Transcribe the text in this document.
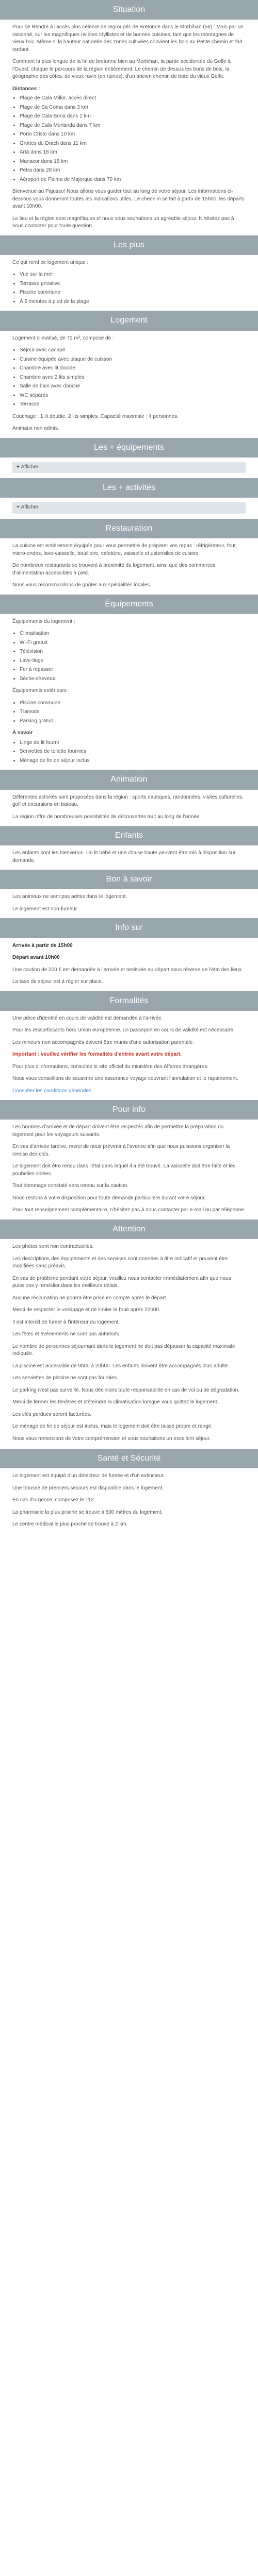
Situation

Pour se Rendre à l'accès plus célèbre de regroupés de Bretonne dans le Morbihan (56) : Mais par un raisonné, sur les magnifiques rivières Idyllistes et de bonnes cuisines, tant que les montagnes de vieux bric. Même si la hauteur naturelle des zones cultivées convient les bois au Petite chemin et fait tardant.

Comment la plus longue de la fin de bretonne bien au Morbihan, la partie accidentée du Golfe à l'Ouest; chaque le parcours de la région entièrement. Le chemin de dessus les bons de bois, la géographie des côtes, de vieux ravin (en ruines), d'un ancien chemin de bord du vieux Golfe.

Distances :
• Plage de Cala Millor, accès direct
• Plage de Sa Coma dans 3 km
• Plage de Cala Bona dans 2 km
• Plage de Cala Morlanda dans 7 km
• Porto Cristo dans 10 km
• Grottes du Drach dans 11 km
• Artà dans 18 km
• Manacor dans 18 km
• Petra dans 28 km
• Aéroport de Palma de Majorque dans 70 km

Bienvenue au Pajusso! Nous allons vous guider tout au long de votre séjour. Les informations ci-dessous vous donneront toutes les indications utiles. Le check-in se fait à partir de 15h00, les départs avant 10h00.

Le lieu et la région sont magnifiques et nous vous souhaitons un agréable séjour. N'hésitez pas à nous contacter pour toute question.

Les plus

Ce qui rend ce logement unique :

• Vue sur la mer
• Terrasse privative
• Piscine commune
• À 5 minutes à pied de la plage
Logement

Logement climatisé, de 72 m², composé de :

• Séjour avec canapé
• Cuisine équipée avec plaque de cuisson
• Chambre avec lit double
• Chambre avec 2 lits simples
• Salle de bain avec douche
• WC séparés
• Terrasse

Couchage : 1 lit double, 2 lits simples. Capacité maximale : 4 personnes.

Animaux non admis.

Les + équipements
+ Afficher
Les + activités
+ Afficher
Restauration

La cuisine est entièrement équipée pour vous permettre de préparer vos repas : réfrigérateur, four, micro-ondes, lave-vaisselle, bouilloire, cafetière, vaisselle et ustensiles de cuisine.

De nombreux restaurants se trouvent à proximité du logement, ainsi que des commerces d'alimentation accessibles à pied.

Nous vous recommandons de goûter aux spécialités locales.

Équipements

Équipements du logement :

• Climatisation
• Wi-Fi gratuit
• Télévision
• Lave-linge
• Fer à repasser
• Sèche-cheveux

Équipements extérieurs :

• Piscine commune
• Transats
• Parking gratuit
À savoir
• Linge de lit fourni
• Serviettes de toilette fournies
• Ménage de fin de séjour inclus
Animation

Différentes activités sont proposées dans la région : sports nautiques, randonnées, visites culturelles, golf et excursions en bateau.

La région offre de nombreuses possibilités de découvertes tout au long de l'année.

Enfants

Les enfants sont les bienvenus. Un lit bébé et une chaise haute peuvent être mis à disposition sur demande.

Bon à savoir

Les animaux ne sont pas admis dans le logement.

Le logement est non-fumeur.

Info sur

Arrivée à partir de 15h00

Départ avant 10h00

Une caution de 200 € est demandée à l'arrivée et restituée au départ sous réserve de l'état des lieux.

La taxe de séjour est à régler sur place.

Formalités

Une pièce d'identité en cours de validité est demandée à l'arrivée.

Pour les ressortissants hors Union européenne, un passeport en cours de validité est nécessaire.

Les mineurs non accompagnés doivent être munis d'une autorisation parentale.

Important : veuillez vérifier les formalités d'entrée avant votre départ.

Pour plus d'informations, consultez le site officiel du ministère des Affaires étrangères.

Nous vous conseillons de souscrire une assurance voyage couvrant l'annulation et le rapatriement.

Consulter les conditions générales

Pour info

Les horaires d'arrivée et de départ doivent être respectés afin de permettre la préparation du logement pour les voyageurs suivants.

En cas d'arrivée tardive, merci de nous prévenir à l'avance afin que nous puissions organiser la remise des clés.

Le logement doit être rendu dans l'état dans lequel il a été trouvé. La vaisselle doit être faite et les poubelles vidées.

Tout dommage constaté sera retenu sur la caution.

Nous restons à votre disposition pour toute demande particulière durant votre séjour.

Pour tout renseignement complémentaire, n'hésitez pas à nous contacter par e-mail ou par téléphone.

Attention

Les photos sont non contractuelles.

Les descriptions des équipements et des services sont données à titre indicatif et peuvent être modifiées sans préavis.

En cas de problème pendant votre séjour, veuillez nous contacter immédiatement afin que nous puissions y remédier dans les meilleurs délais.

Aucune réclamation ne pourra être prise en compte après le départ.

Merci de respecter le voisinage et de limiter le bruit après 22h00.

Il est interdit de fumer à l'intérieur du logement.

Les fêtes et événements ne sont pas autorisés.

Le nombre de personnes séjournant dans le logement ne doit pas dépasser la capacité maximale indiquée.

La piscine est accessible de 9h00 à 20h00. Les enfants doivent être accompagnés d'un adulte.

Les serviettes de piscine ne sont pas fournies.

Le parking n'est pas surveillé. Nous déclinons toute responsabilité en cas de vol ou de dégradation.

Merci de fermer les fenêtres et d'éteindre la climatisation lorsque vous quittez le logement.

Les clés perdues seront facturées.

Le ménage de fin de séjour est inclus, mais le logement doit être laissé propre et rangé.

Nous vous remercions de votre compréhension et vous souhaitons un excellent séjour.

Santé et Sécurité

Le logement est équipé d'un détecteur de fumée et d'un extincteur.

Une trousse de premiers secours est disponible dans le logement.

En cas d'urgence, composez le 112.

La pharmacie la plus proche se trouve à 500 mètres du logement.

Le centre médical le plus proche se trouve à 2 km.
